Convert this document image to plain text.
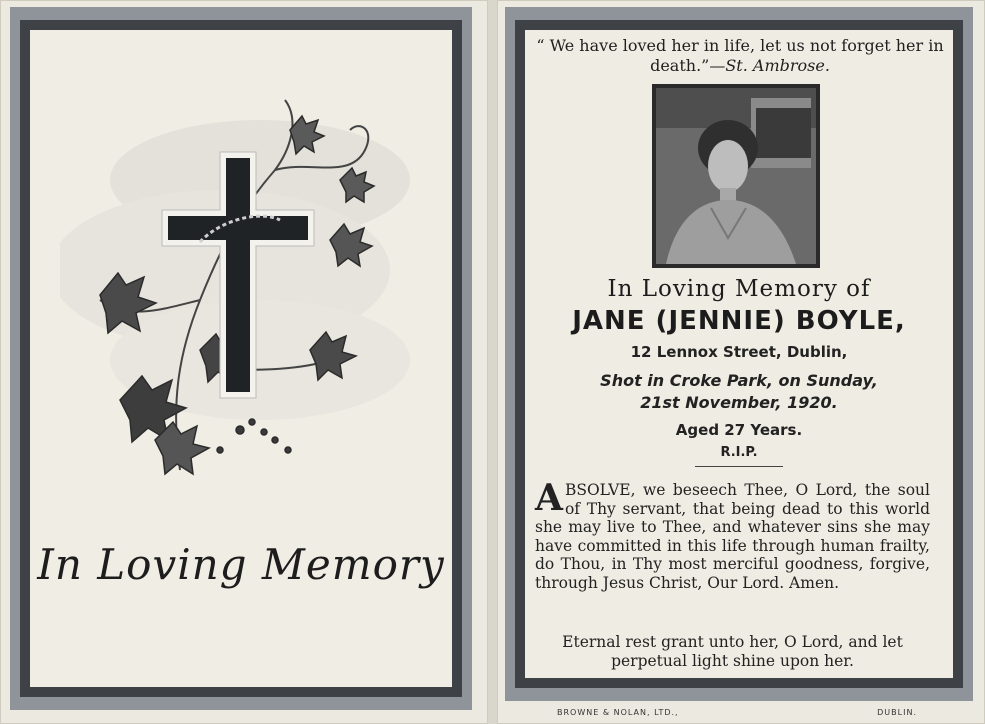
In Loving Memory
“ We have loved her in life, let us not forget her in death.”—St. Ambrose.
In Loving Memory of
JANE (JENNIE) BOYLE,
12 Lennox Street, Dublin,
Shot in Croke Park, on Sunday,
21st November, 1920.
Aged 27 Years.
R.I.P.
ABSOLVE, we beseech Thee, O Lord, the soul of Thy servant, that being dead to this world she may live to Thee, and whatever sins she may have committed in this life through human frailty, do Thou, in Thy most merciful goodness, forgive, through Jesus Christ, Our Lord. Amen.
Eternal rest grant unto her, O Lord, and let perpetual light shine upon her.
BROWNE & NOLAN, LTD.,	DUBLIN.
